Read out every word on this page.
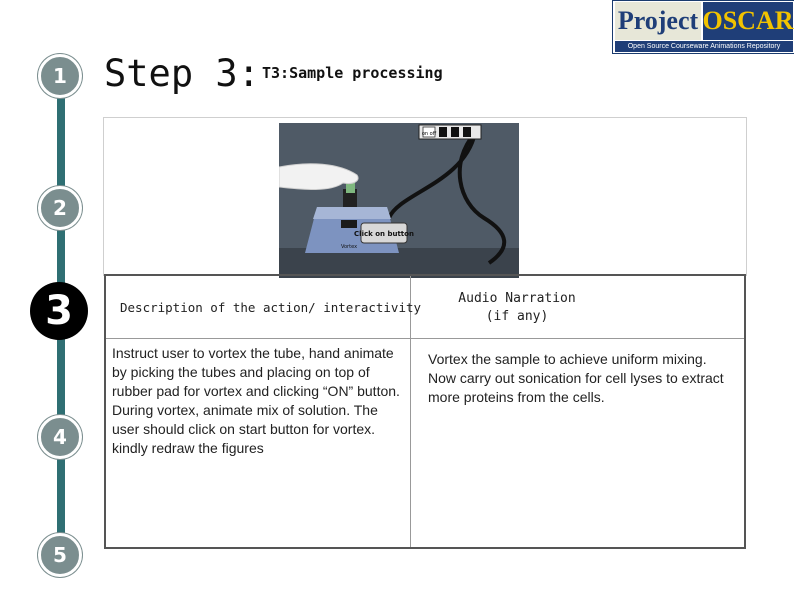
1
2
3
4
5
Step 3: T3:Sample processing
Project OSCAR
Open Source Courseware Animations Repository
on off
Vortex
Click on button
Description of the action/ interactivity
Audio Narration
(if any)
Instruct user to vortex the tube, hand animate by picking the tubes and placing on top of rubber pad for vortex and clicking “ON” button. During vortex, animate mix of solution. The user should click on start button for vortex. kindly redraw the figures
Vortex the sample to achieve uniform mixing. Now carry out sonication for cell lyses to extract more proteins from the cells.
